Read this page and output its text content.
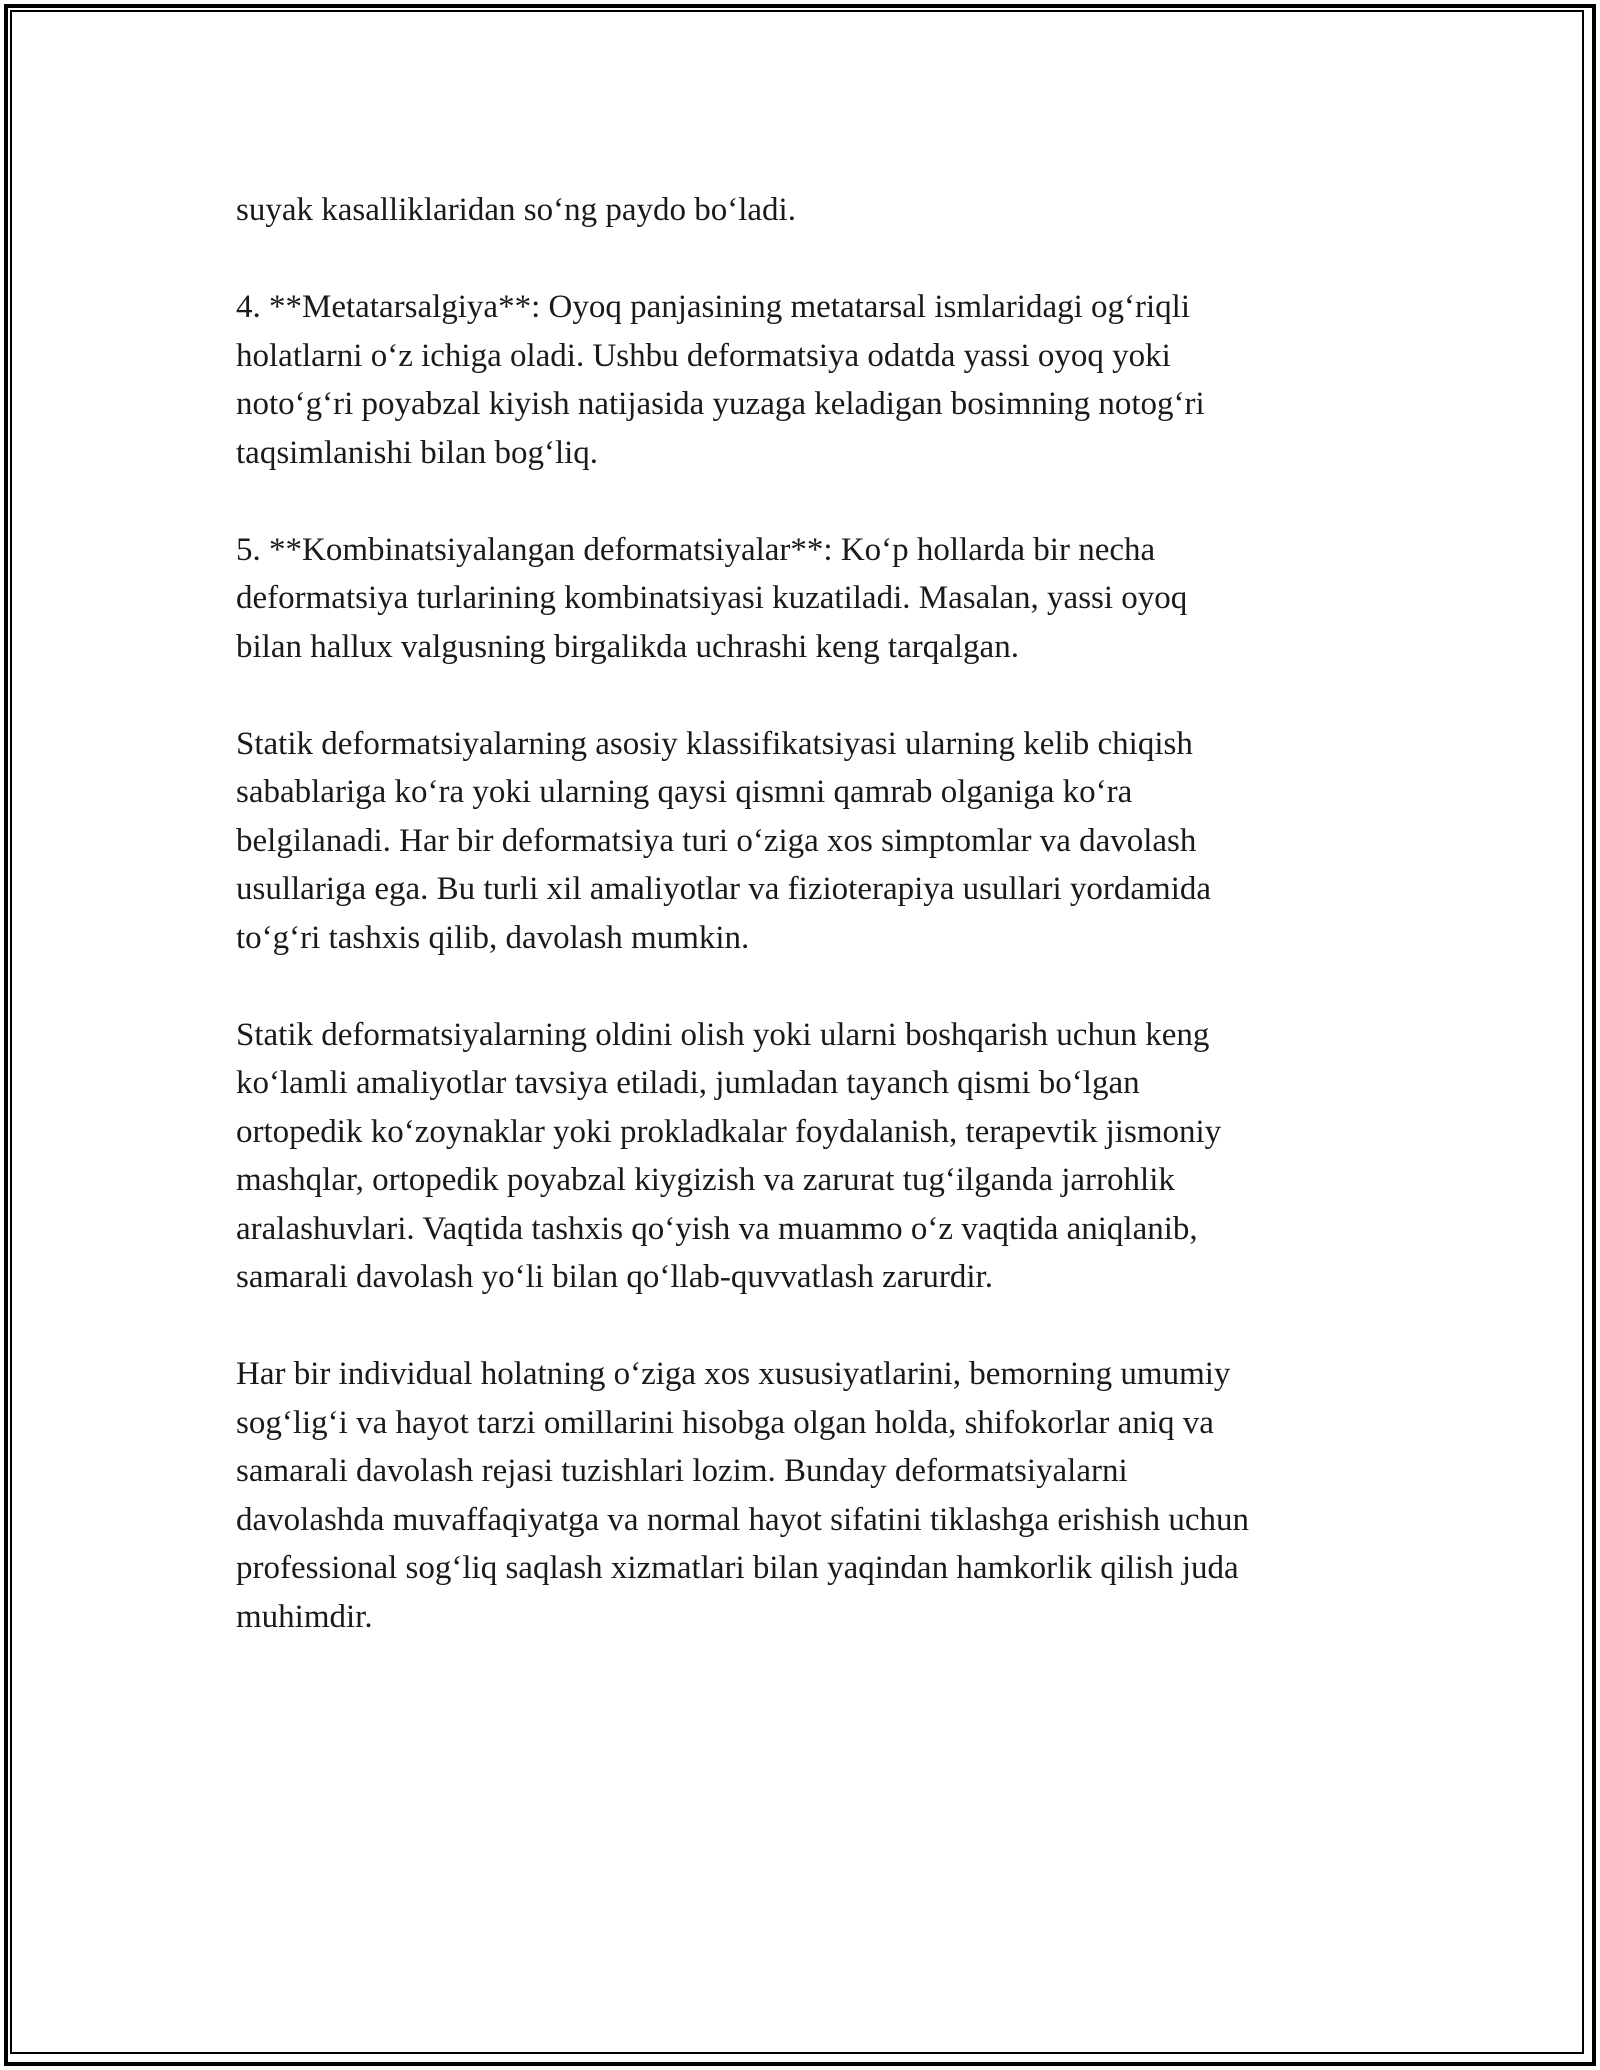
suyak kasalliklaridan so‘ng paydo bo‘ladi.

4. **Metatarsalgiya**: Oyoq panjasining metatarsal ismlaridagi og‘riqli
holatlarni o‘z ichiga oladi. Ushbu deformatsiya odatda yassi oyoq yoki
noto‘g‘ri poyabzal kiyish natijasida yuzaga keladigan bosimning notog‘ri
taqsimlanishi bilan bog‘liq.

5. **Kombinatsiyalangan deformatsiyalar**: Ko‘p hollarda bir necha
deformatsiya turlarining kombinatsiyasi kuzatiladi. Masalan, yassi oyoq
bilan hallux valgusning birgalikda uchrashi keng tarqalgan.

Statik deformatsiyalarning asosiy klassifikatsiyasi ularning kelib chiqish
sabablariga ko‘ra yoki ularning qaysi qismni qamrab olganiga ko‘ra
belgilanadi. Har bir deformatsiya turi o‘ziga xos simptomlar va davolash
usullariga ega. Bu turli xil amaliyotlar va fizioterapiya usullari yordamida
to‘g‘ri tashxis qilib, davolash mumkin.

Statik deformatsiyalarning oldini olish yoki ularni boshqarish uchun keng
ko‘lamli amaliyotlar tavsiya etiladi, jumladan tayanch qismi bo‘lgan
ortopedik ko‘zoynaklar yoki prokladkalar foydalanish, terapevtik jismoniy
mashqlar, ortopedik poyabzal kiygizish va zarurat tug‘ilganda jarrohlik
aralashuvlari. Vaqtida tashxis qo‘yish va muammo o‘z vaqtida aniqlanib,
samarali davolash yo‘li bilan qo‘llab-quvvatlash zarurdir.

Har bir individual holatning o‘ziga xos xususiyatlarini, bemorning umumiy
sog‘lig‘i va hayot tarzi omillarini hisobga olgan holda, shifokorlar aniq va
samarali davolash rejasi tuzishlari lozim. Bunday deformatsiyalarni
davolashda muvaffaqiyatga va normal hayot sifatini tiklashga erishish uchun
professional sog‘liq saqlash xizmatlari bilan yaqindan hamkorlik qilish juda
muhimdir.
